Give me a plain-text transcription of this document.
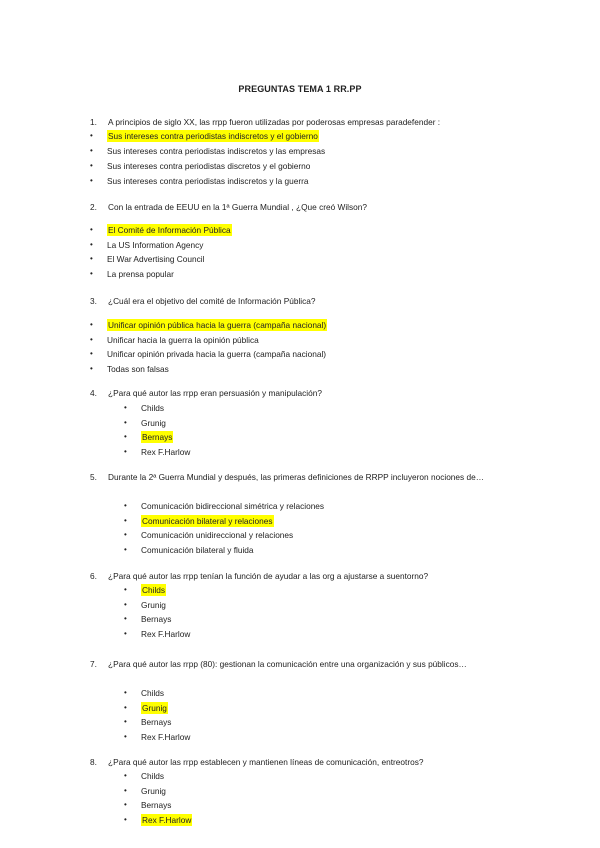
PREGUNTAS TEMA 1 RR.PP
1. A principios de siglo XX, las rrpp fueron utilizadas por poderosas empresas paradefender :
• Sus intereses contra periodistas indiscretos y el gobierno
• Sus intereses contra periodistas indiscretos y las empresas
• Sus intereses contra periodistas discretos y el gobierno
• Sus intereses contra periodistas indiscretos y la guerra
2. Con la entrada de EEUU en la 1ª Guerra Mundial , ¿Que creó Wilson?
• El Comité de Información Pública
• La US Information Agency
• El War Advertising Council
• La prensa popular
3. ¿Cuál era el objetivo del comité de Información Pública?
• Unificar opinión pública hacia la guerra (campaña nacional)
• Unificar hacia la guerra la opinión pública
• Unificar opinión privada hacia la guerra (campaña nacional)
• Todas son falsas
4. ¿Para qué autor las rrpp eran persuasión y manipulación?
• Childs
• Grunig
• Bernays
• Rex F.Harlow
5. Durante la 2ª Guerra Mundial y después, las primeras definiciones de RRPP incluyeron nociones de…
• Comunicación bidireccional simétrica y relaciones
• Comunicación bilateral y relaciones
• Comunicación unidireccional y relaciones
• Comunicación bilateral y fluida
6. ¿Para qué autor las rrpp tenían la función de ayudar a las org a ajustarse a suentorno?
• Childs
• Grunig
• Bernays
• Rex F.Harlow
7. ¿Para qué autor las rrpp (80): gestionan la comunicación entre una organización y sus públicos…
• Childs
• Grunig
• Bernays
• Rex F.Harlow
8. ¿Para qué autor las rrpp establecen y mantienen líneas de comunicación, entreotros?
• Childs
• Grunig
• Bernays
• Rex F.Harlow
